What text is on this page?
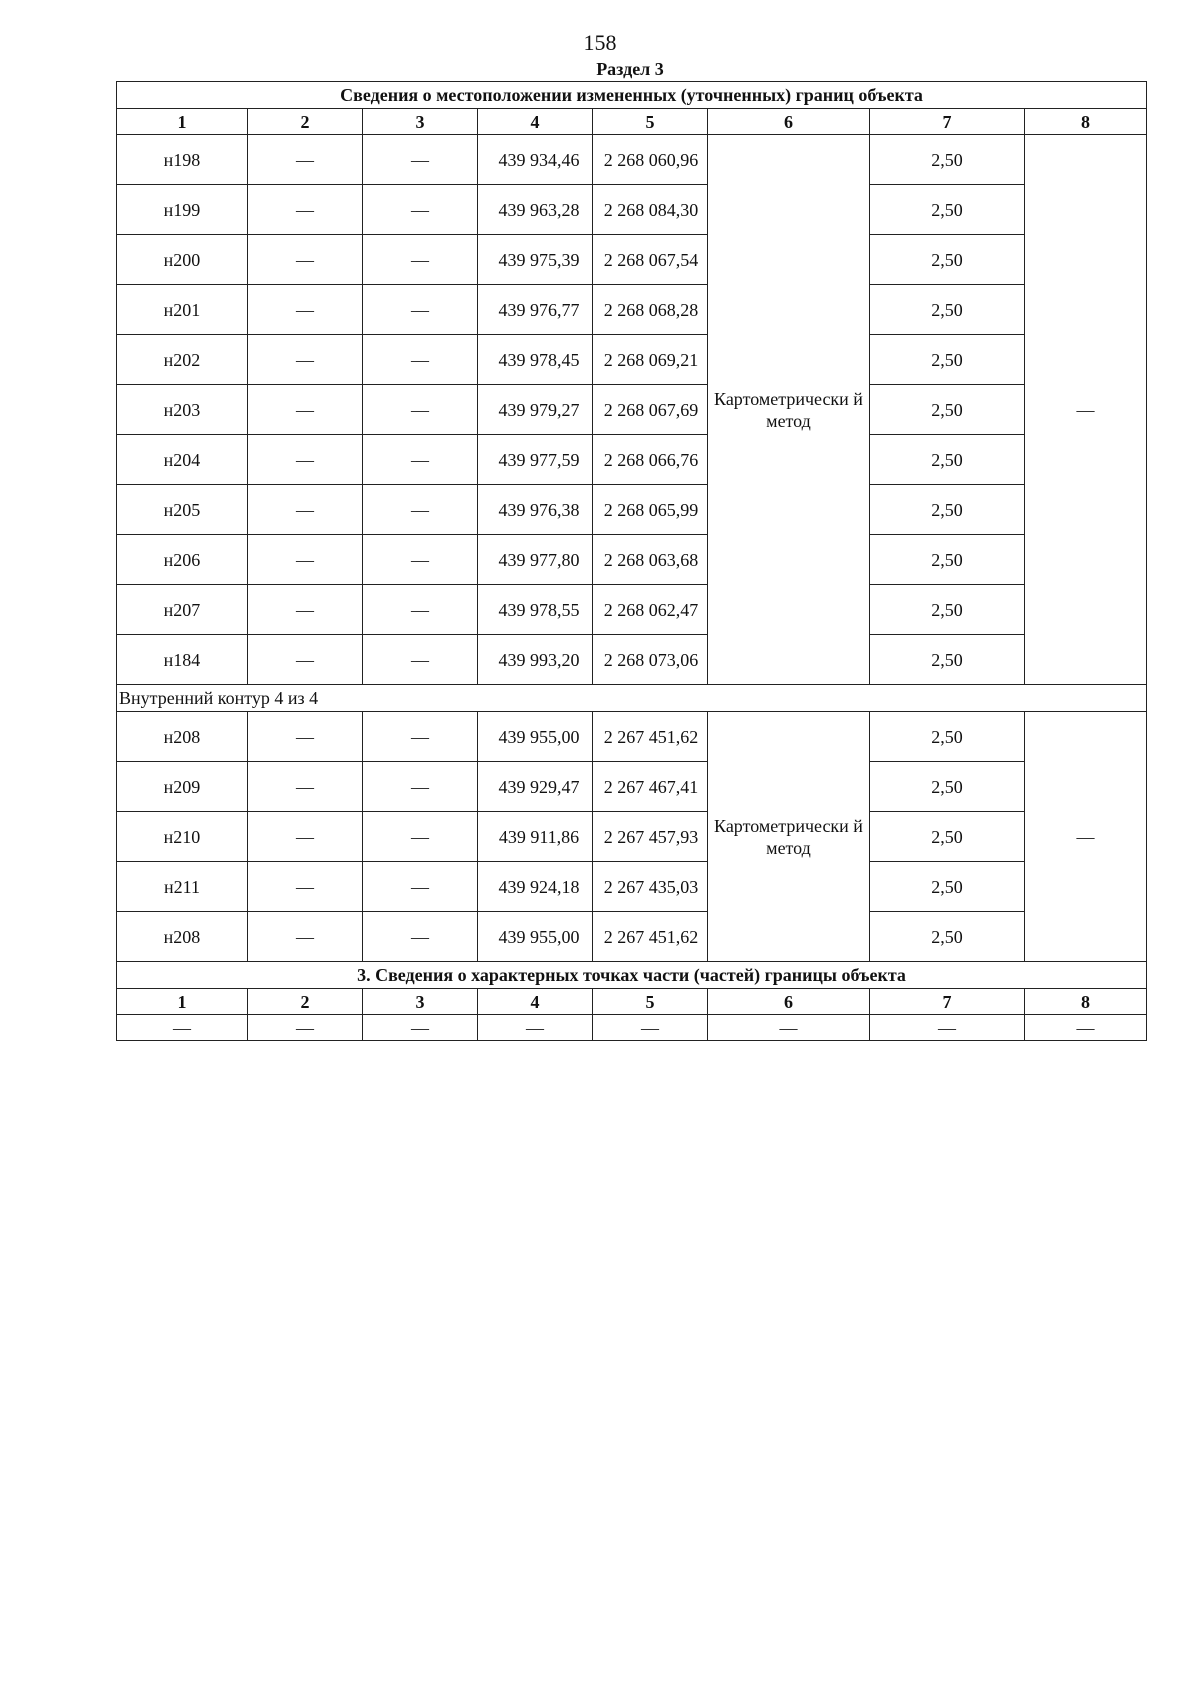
158
Раздел 3
Сведения о местоположении измененных (уточненных) границ объекта							
1	2	3	4	5	6	7	8
н198	—	—	439 934,46	2 268 060,96	Картометрически й метод	2,50	—
н199	—	—	439 963,28	2 268 084,30		2,50	
н200	—	—	439 975,39	2 268 067,54		2,50	
н201	—	—	439 976,77	2 268 068,28		2,50	
н202	—	—	439 978,45	2 268 069,21		2,50	
н203	—	—	439 979,27	2 268 067,69		2,50	
н204	—	—	439 977,59	2 268 066,76		2,50	
н205	—	—	439 976,38	2 268 065,99		2,50	
н206	—	—	439 977,80	2 268 063,68		2,50	
н207	—	—	439 978,55	2 268 062,47		2,50	
н184	—	—	439 993,20	2 268 073,06		2,50	
Внутренний контур 4 из 4							
н208	—	—	439 955,00	2 267 451,62	Картометрически й метод	2,50	—
н209	—	—	439 929,47	2 267 467,41		2,50	
н210	—	—	439 911,86	2 267 457,93		2,50	
н211	—	—	439 924,18	2 267 435,03		2,50	
н208	—	—	439 955,00	2 267 451,62		2,50	
3. Сведения о характерных точках части (частей) границы объекта							
1	2	3	4	5	6	7	8
—	—	—	—	—	—	—	—
